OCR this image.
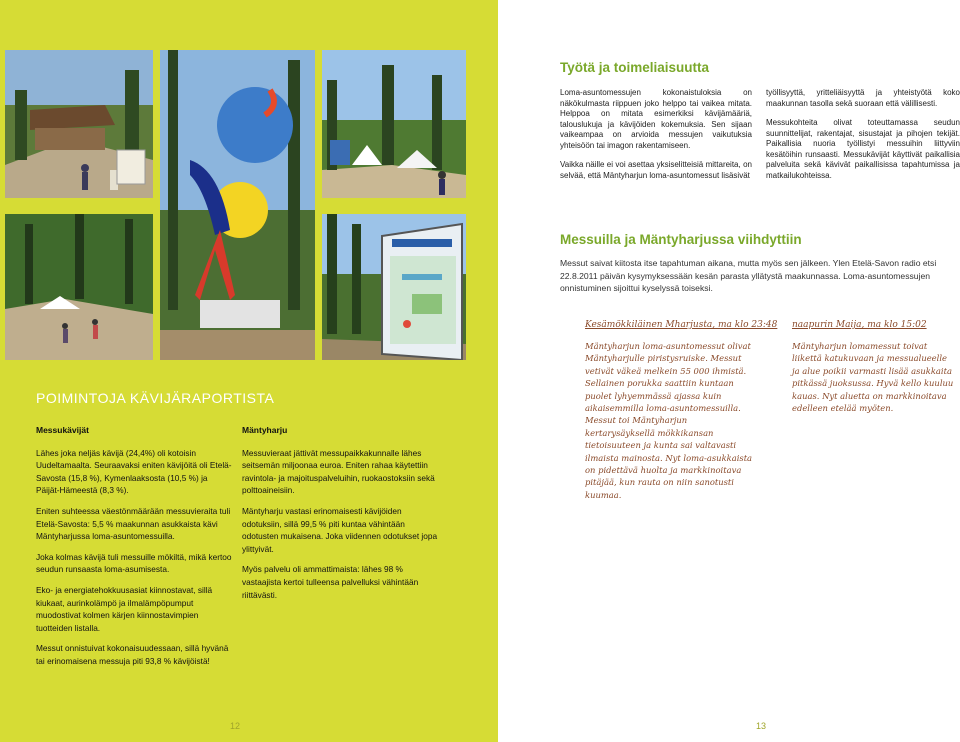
POIMINTOJA KÄVIJÄRAPORTISTA
Messukävijät

Lähes joka neljäs kävijä (24,4%) oli kotoisin Uudeltamaalta. Seuraavaksi eniten kävijöitä oli Etelä-Savosta (15,8 %), Kymenlaaksosta (10,5 %) ja Päijät-Hämeestä (8,3 %).

Eniten suhteessa väestönmäärään messuvieraita tuli Etelä-Savosta: 5,5 % maakunnan asukkaista kävi Mäntyharjussa loma-asuntomessuilla.

Joka kolmas kävijä tuli messuille mökiltä, mikä kertoo seudun runsaasta loma-asumisesta.

Eko- ja energiatehokkuusasiat kiinnostavat, sillä kiukaat, aurinkolämpö ja ilmalämpöpumput muodostivat kolmen kärjen kiinnostavimpien tuotteiden listalla.

Messut onnistuivat kokonaisuudessaan, sillä hyvänä tai erinomaisena messuja piti 93,8 % kävijöistä!

Mäntyharju

Messuvieraat jättivät messupaikkakunnalle lähes seitsemän miljoonaa euroa. Eniten rahaa käytettiin ravintola- ja majoituspalveluihin, ruokaostoksiin sekä polttoaineisiin.

Mäntyharju vastasi erinomaisesti kävijöiden odotuksiin, sillä 99,5 % piti kuntaa vähintään odotusten mukaisena. Joka viidennen odotukset jopa ylittyivät.

Myös palvelu oli ammattimaista: lähes 98 % vastaajista kertoi tulleensa palvelluksi vähintään riittävästi.

12
Työtä ja toimeliaisuutta

Loma-asuntomessujen kokonaistuloksia on näkökulmasta riippuen joko helppo tai vaikea mitata. Helppoa on mitata esimerkiksi kävijämääriä, talouslukuja ja kävijöiden kokemuksia. Sen sijaan vaikeampaa on arvioida messujen vaikutuksia yhteisöön tai imagon rakentamiseen.

Vaikka näille ei voi asettaa yksiselitteisiä mittareita, on selvää, että Mäntyharjun loma-asuntomessut lisäsivät

työllisyyttä, yritteliäisyyttä ja yhteistyötä koko maakunnan tasolla sekä suoraan että välillisesti.

Messukohteita olivat toteuttamassa seudun suunnittelijat, rakentajat, sisustajat ja pihojen tekijät. Paikallisia nuoria työllistyi messuihin liittyviin kesätöihin runsaasti. Messukävijät käyttivät paikallisia palveluita sekä kävivät paikallisissa tapahtumissa ja matkailukohteissa.

Messuilla ja Mäntyharjussa viihdyttiin
Messut saivat kiitosta itse tapahtuman aikana, mutta myös sen jälkeen. Ylen Etelä-Savon radio etsi 22.8.2011 päivän kysymyksessään kesän parasta yllätystä maakunnassa. Loma-asuntomessujen onnistuminen sijoittui kyselyssä toiseksi.
Kesämökkiläinen Mharjusta, ma klo 23:48
Mäntyharjun loma-asuntomessut olivat Mäntyharjulle piristysruiske. Messut vetivät väkeä melkein 55 000 ihmistä. Sellainen porukka saattiin kuntaan puolet lyhyemmässä ajassa kuin aikaisemmilla loma-asuntomessuilla. Messut toi Mäntyharjun kertarysäyksellä mökkikansan tietoisuuteen ja kunta sai valtavasti ilmaista mainosta. Nyt loma-asukkaista on pidettävä huolta ja markkinoitava pitäjää, kun rauta on niin sanotusti kuumaa.
naapurin Maija, ma klo 15:02
Mäntyharjun lomamessut toivat liikettä katukuvaan ja messualueelle ja alue poikii varmasti lisää asukkaita pitkässä juoksussa. Hyvä kello kuuluu kauas. Nyt aluetta on markkinoitava edelleen etelää myöten.
13
